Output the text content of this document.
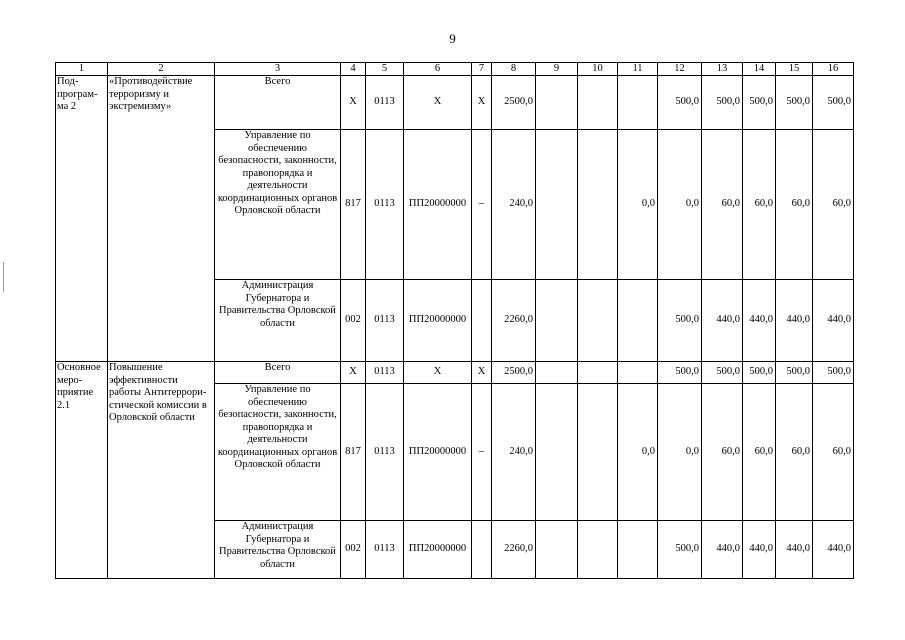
9
1	2	3	4	5	6	7	8	9	10	11	12	13	14	15	16
Под-програм-ма 2	«Противодействие терроризму и экстремизму»	Всего	Х	0113	Х	Х	2500,0				500,0	500,0	500,0	500,0	500,0
		Управление по обеспечению безопасности, законности, правопорядка и деятельности координационных органов Орловской области	817	0113	ПП20000000	–	240,0			0,0	0,0	60,0	60,0	60,0	60,0
		Администрация Губернатора и Правительства Орловской области	002	0113	ПП20000000		2260,0				500,0	440,0	440,0	440,0	440,0
Основное меро-приятие 2.1	Повышение эффективности работы Антитеррори-стической комиссии в Орловской области	Всего	Х	0113	Х	Х	2500,0				500,0	500,0	500,0	500,0	500,0
		Управление по обеспечению безопасности, законности, правопорядка и деятельности координационных органов Орловской области	817	0113	ПП20000000	–	240,0			0,0	0,0	60,0	60,0	60,0	60,0
		Администрация Губернатора и Правительства Орловской области	002	0113	ПП20000000		2260,0				500,0	440,0	440,0	440,0	440,0
